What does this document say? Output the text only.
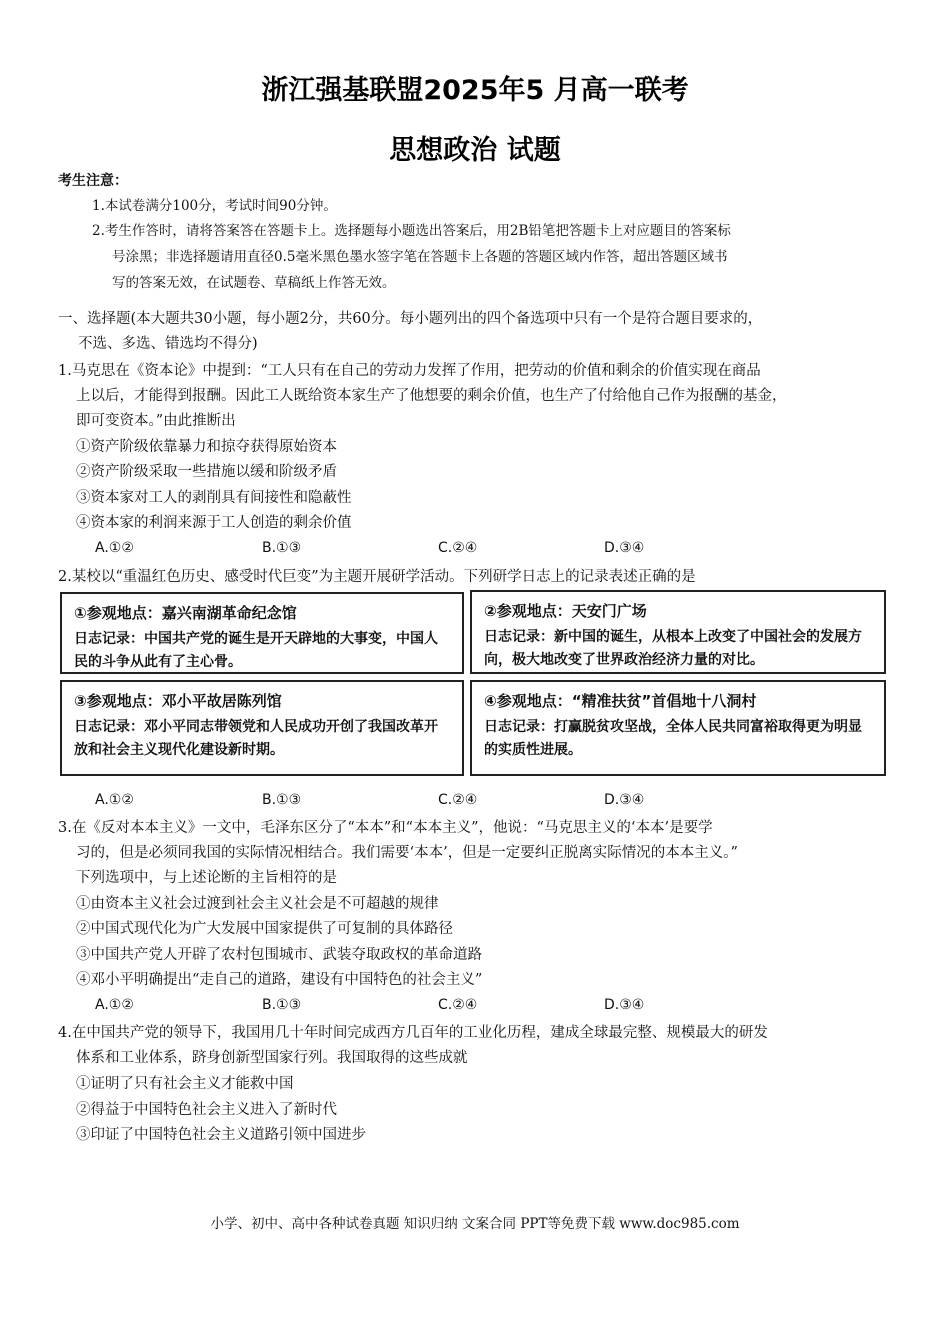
浙江强基联盟2025年5 月高一联考
思想政治 试题
考生注意：
1.本试卷满分100分，考试时间90分钟。
2.考生作答时，请将答案答在答题卡上。选择题每小题选出答案后，用2B铅笔把答题卡上对应题目的答案标
号涂黑；非选择题请用直径0.5毫米黑色墨水签字笔在答题卡上各题的答题区域内作答，超出答题区域书
写的答案无效，在试题卷、草稿纸上作答无效。
一、选择题(本大题共30小题，每小题2分，共60分。每小题列出的四个备选项中只有一个是符合题目要求的，
不选、多选、错选均不得分)
1.马克思在《资本论》中提到：“工人只有在自己的劳动力发挥了作用，把劳动的价值和剩余的价值实现在商品
上以后，才能得到报酬。因此工人既给资本家生产了他想要的剩余价值，也生产了付给他自己作为报酬的基金，
即可变资本。”由此推断出
①资产阶级依靠暴力和掠夺获得原始资本
②资产阶级采取一些措施以缓和阶级矛盾
③资本家对工人的剥削具有间接性和隐蔽性
④资本家的利润来源于工人创造的剩余价值
A.①②	B.①③	C.②④	D.③④
2.某校以“重温红色历史、感受时代巨变”为主题开展研学活动。下列研学日志上的记录表述正确的是
①参观地点：嘉兴南湖革命纪念馆
日志记录：中国共产党的诞生是开天辟地的大事变，中国人民的斗争从此有了主心骨。
②参观地点：天安门广场
日志记录：新中国的诞生，从根本上改变了中国社会的发展方向，极大地改变了世界政治经济力量的对比。
③参观地点：邓小平故居陈列馆
日志记录：邓小平同志带领党和人民成功开创了我国改革开放和社会主义现代化建设新时期。
④参观地点：“精准扶贫”首倡地十八洞村
日志记录：打赢脱贫攻坚战，全体人民共同富裕取得更为明显的实质性进展。
A.①②	B.①③	C.②④	D.③④
3.在《反对本本主义》一文中，毛泽东区分了“本本”和“本本主义”，他说：“马克思主义的‘本本’是要学
习的，但是必须同我国的实际情况相结合。我们需要‘本本’，但是一定要纠正脱离实际情况的本本主义。”
下列选项中，与上述论断的主旨相符的是
①由资本主义社会过渡到社会主义社会是不可超越的规律
②中国式现代化为广大发展中国家提供了可复制的具体路径
③中国共产党人开辟了农村包围城市、武装夺取政权的革命道路
④邓小平明确提出“走自己的道路，建设有中国特色的社会主义”
A.①②	B.①③	C.②④	D.③④
4.在中国共产党的领导下，我国用几十年时间完成西方几百年的工业化历程，建成全球最完整、规模最大的研发
体系和工业体系，跻身创新型国家行列。我国取得的这些成就
①证明了只有社会主义才能救中国
②得益于中国特色社会主义进入了新时代
③印证了中国特色社会主义道路引领中国进步
小学、初中、高中各种试卷真题 知识归纳 文案合同 PPT等免费下载 www.doc985.com
